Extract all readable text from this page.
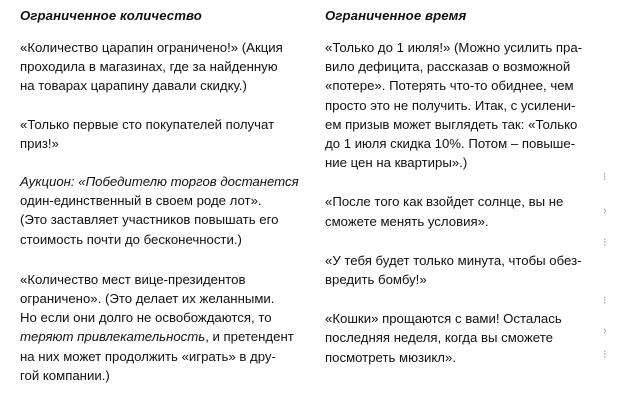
Ограниченное количество
«Количество царапин ограничено!» (Акция
проходила в магазинах, где за найденную
на товарах царапину давали скидку.)
«Только первые сто покупателей получат
приз!»
Аукцион: «Победителю торгов достанется
один-единственный в своем роде лот».
(Это заставляет участников повышать его
стоимость почти до бесконечности.)
«Количество мест вице-президентов
ограничено». (Это делает их желанными.
Но если они долго не освобождаются, то
теряют привлекательность, и претендент
на них может продолжить «играть» в дру-
гой компании.)
Ограниченное время
«Только до 1 июля!» (Можно усилить пра-
вило дефицита, рассказав о возможной
«потере». Потерять что-то обиднее, чем
просто это не получить. Итак, с усилени-
ем призыв может выглядеть так: «Только
до 1 июля скидка 10%. Потом – повыше-
ние цен на квартиры».)
«После того как взойдет солнце, вы не
сможете менять условия».
«У тебя будет только минута, чтобы обез-
вредить бомбу!»
«Кошки» прощаются с вами! Осталась
последняя неделя, когда вы сможете
посмотреть мюзикл».
⁝
›
⁝
⁝
›
⁝
